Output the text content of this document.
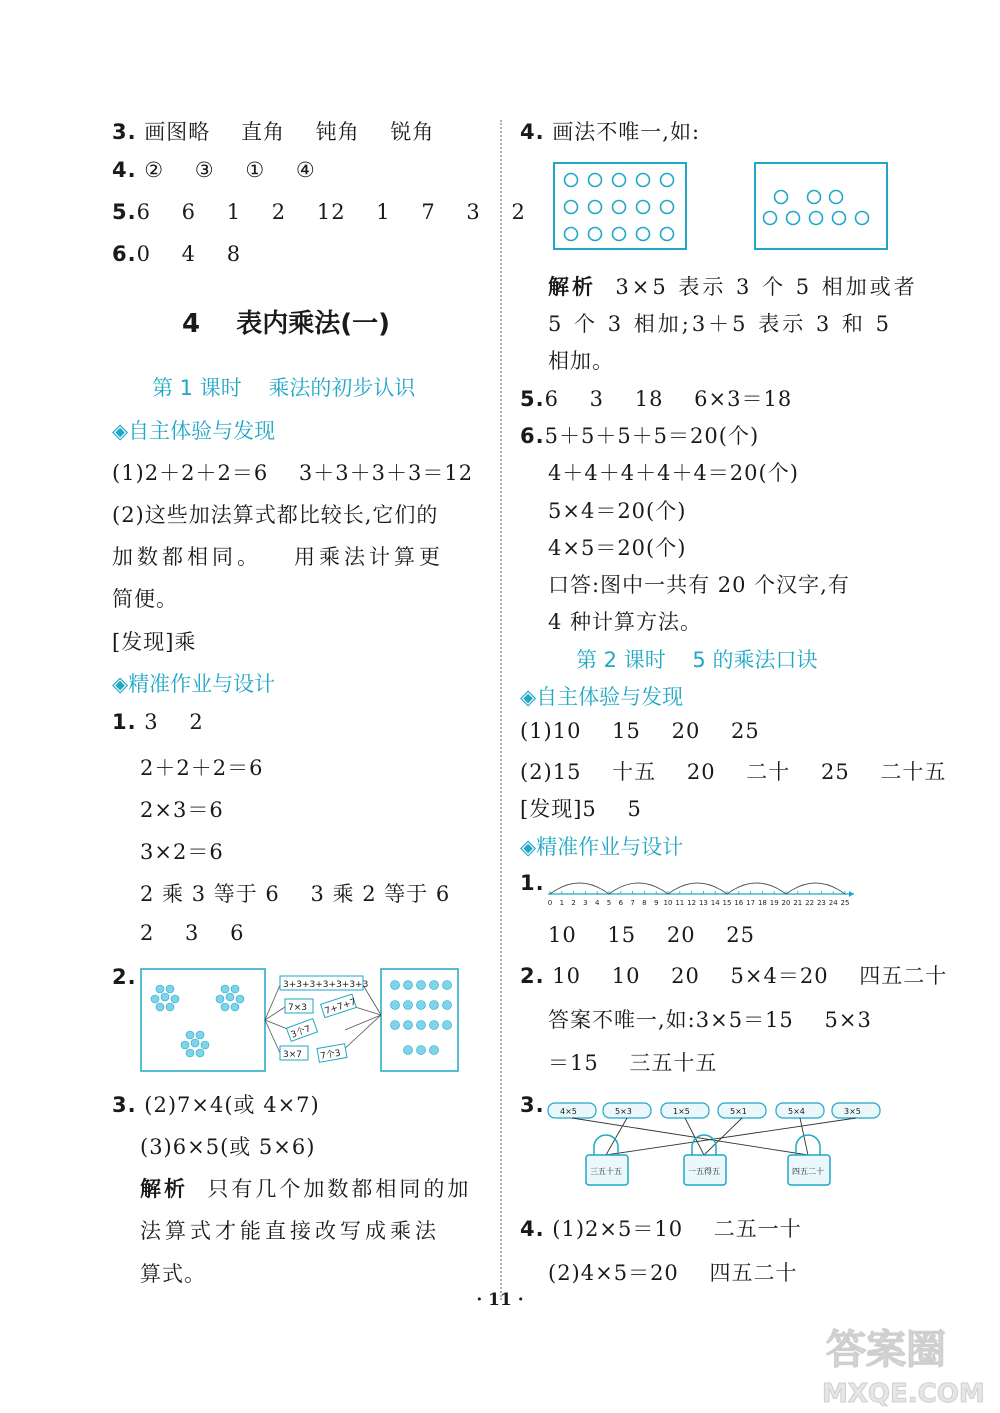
3. 画图略    直角    钝角    锐角
4. ②    ③    ①    ④
5.6    6    1    2    12    1    7    3    2
6.0    4    8
4    表内乘法(一)
第 1 课时    乘法的初步认识
◈自主体验与发现
(1)2＋2＋2＝6    3＋3＋3＋3＝12
(2)这些加法算式都比较长,它们的
加数都相同。   用乘法计算更
简便。
[发现]乘
◈精准作业与设计
1. 3    2
2＋2＋2＝6
2×3＝6
3×2＝6
2 乘 3 等于 6    3 乘 2 等于 6
2    3    6
2.	3+3+3+3+3+3+3
7×3 7+7+7
3个7
3×7 7个3
3. (2)7×4(或 4×7)
(3)6×5(或 5×6)
解析 只有几个加数都相同的加
法算式才能直接改写成乘法
算式。
4. 画法不唯一,如:
解析 3×5 表示 3 个 5 相加或者
5 个 3 相加;3＋5 表示 3 和 5
相加。
5.6    3    18    6×3＝18
6.5＋5＋5＋5＝20(个)
4＋4＋4＋4＋4＝20(个)
5×4＝20(个)
4×5＝20(个)
口答:图中一共有 20 个汉字,有
4 种计算方法。
第 2 课时    5 的乘法口诀
◈自主体验与发现
(1)10    15    20    25
(2)15    十五    20    二十    25    二十五
[发现]5    5
◈精准作业与设计
1.
0 1 2 3 4 5 6 7 8 9 10 11 12 13 14 15 16 17 18 19 20 21 22 23 24 25
10    15    20    25
2. 10    10    20    5×4＝20    四五二十
答案不唯一,如:3×5＝15    5×3
＝15    三五十五
3. 4×5	5×3	1×5	5×1	5×4	3×5
三五十五	一五得五	四五二十
4. (1)2×5＝10    二五一十
(2)4×5＝20    四五二十
· 11 ·
答案圈
MXQE.COM
